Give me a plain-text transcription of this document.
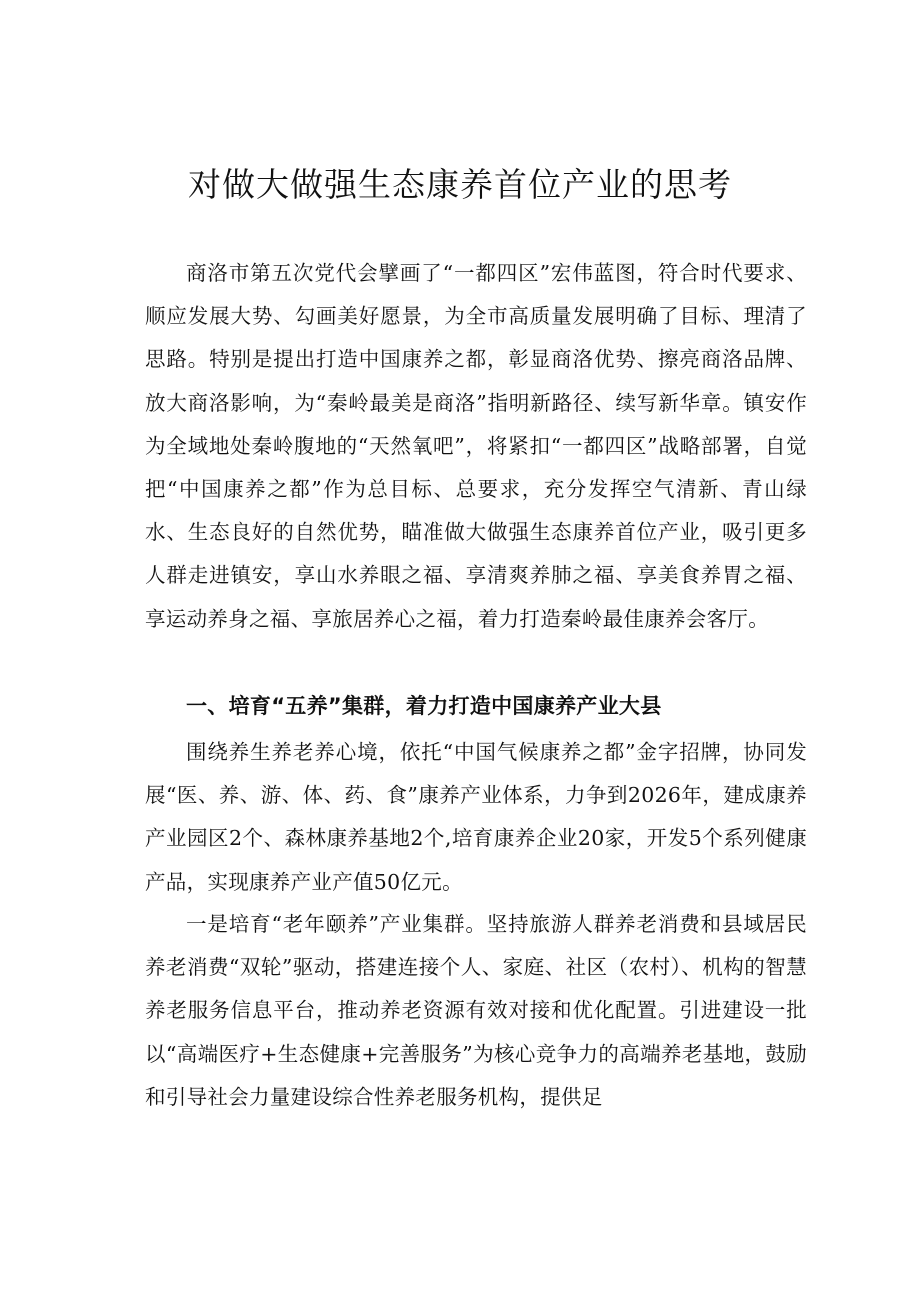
对做大做强生态康养首位产业的思考

商洛市第五次党代会擘画了“一都四区”宏伟蓝图，符合时代要求、顺应发展大势、勾画美好愿景，为全市高质量发展明确了目标、理清了思路。特别是提出打造中国康养之都，彰显商洛优势、擦亮商洛品牌、放大商洛影响，为“秦岭最美是商洛”指明新路径、续写新华章。镇安作为全域地处秦岭腹地的“天然氧吧”，将紧扣“一都四区”战略部署，自觉把“中国康养之都”作为总目标、总要求，充分发挥空气清新、青山绿水、生态良好的自然优势，瞄准做大做强生态康养首位产业，吸引更多人群走进镇安，享山水养眼之福、享清爽养肺之福、享美食养胃之福、享运动养身之福、享旅居养心之福，着力打造秦岭最佳康养会客厅。

一、培育“五养”集群，着力打造中国康养产业大县

围绕养生养老养心境，依托“中国气候康养之都”金字招牌，协同发展“医、养、游、体、药、食”康养产业体系，力争到2026年，建成康养产业园区2个、森林康养基地2个,培育康养企业20家，开发5个系列健康产品，实现康养产业产值50亿元。

一是培育“老年颐养”产业集群。坚持旅游人群养老消费和县域居民养老消费“双轮”驱动，搭建连接个人、家庭、社区（农村）、机构的智慧养老服务信息平台，推动养老资源有效对接和优化配置。引进建设一批以“高端医疗+生态健康+完善服务”为核心竞争力的高端养老基地，鼓励和引导社会力量建设综合性养老服务机构，提供足
